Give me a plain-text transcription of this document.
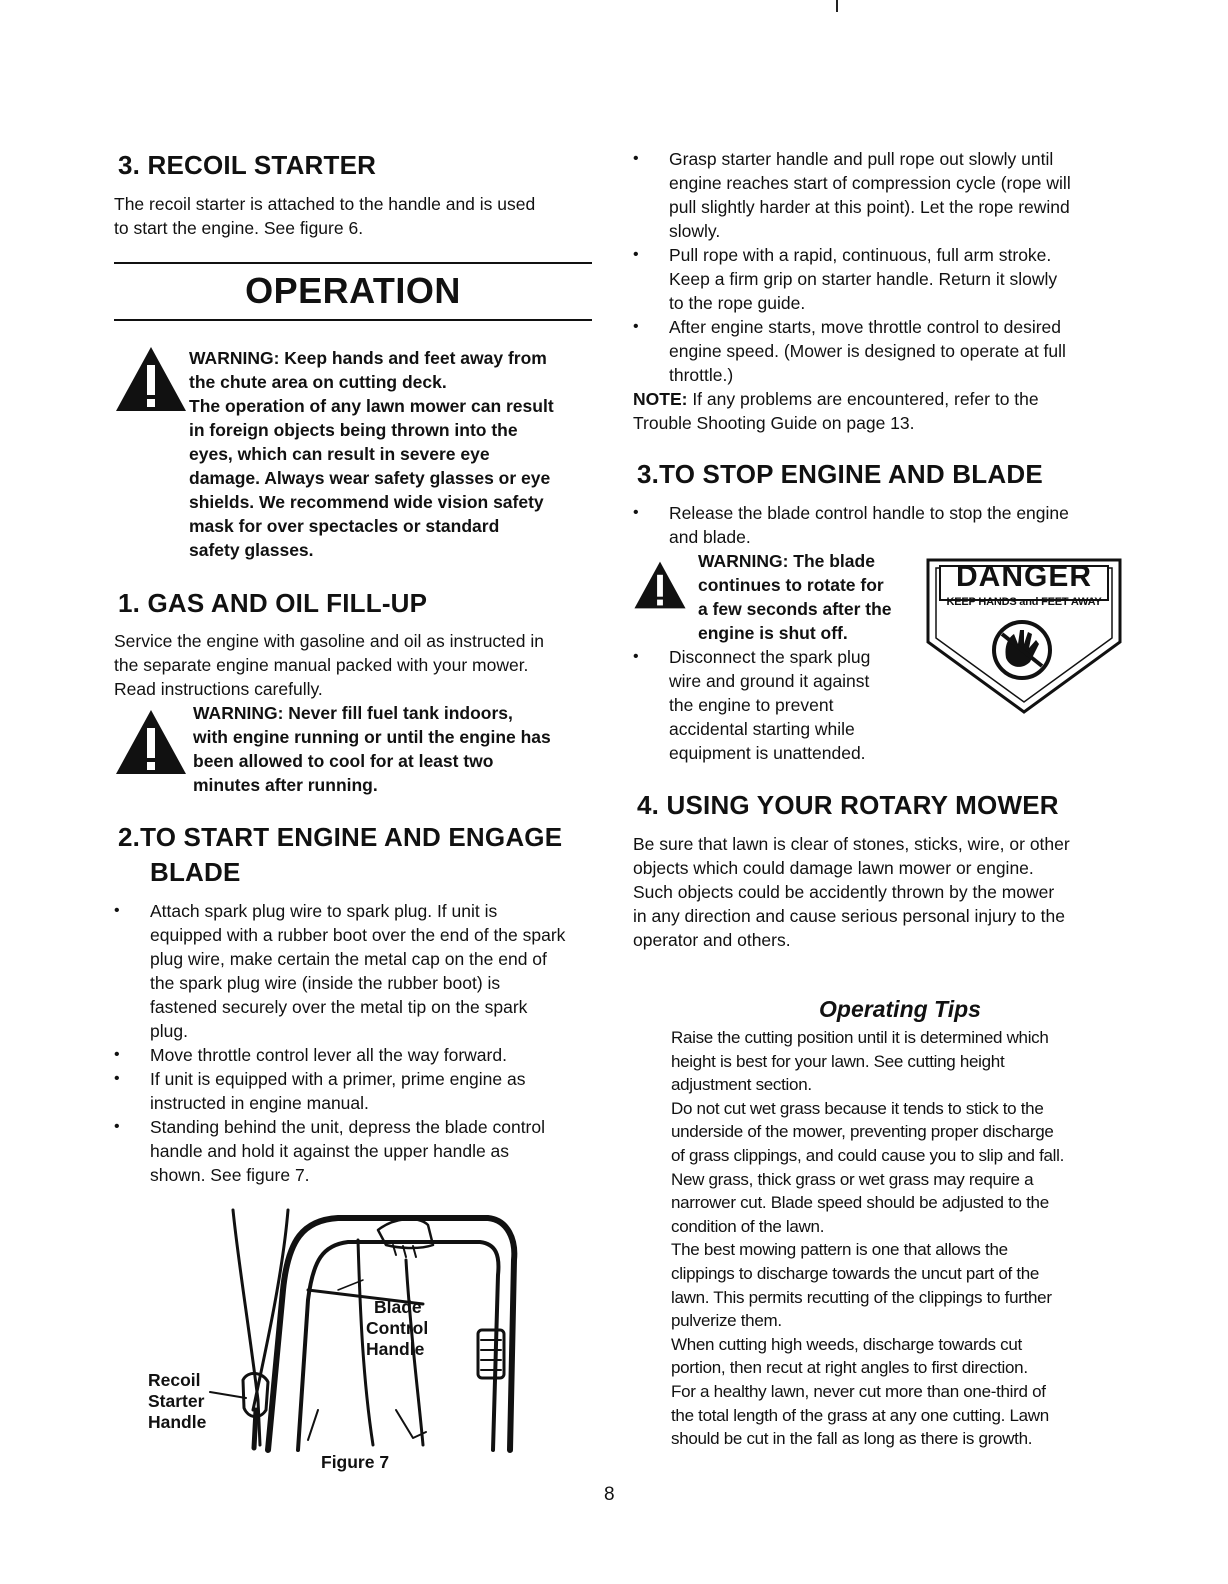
3. RECOIL STARTER

The recoil starter is attached to the handle and is used

to start the engine. See figure 6.

OPERATION

WARNING: Keep hands and feet away from

the chute area on cutting deck.

The operation of any lawn mower can result

in foreign objects being thrown into the

eyes, which can result in severe eye

damage. Always wear safety glasses or eye

shields. We recommend wide vision safety

mask for over spectacles or standard

safety glasses.

1. GAS AND OIL FILL-UP

Service the engine with gasoline and oil as instructed in

the separate engine manual packed with your mower.

Read instructions carefully.

WARNING: Never fill fuel tank indoors,

with engine running or until the engine has

been allowed to cool for at least two

minutes after running.

2.TO START ENGINE AND ENGAGE
BLADE
•	Attach spark plug wire to spark plug. If unit is

equipped with a rubber boot over the end of the spark

plug wire, make certain the metal cap on the end of

the spark plug wire (inside the rubber boot) is

fastened securely over the metal tip on the spark

plug.

•	Move throttle control lever all the way forward.

•	If unit is equipped with a primer, prime engine as

instructed in engine manual.

•	Standing behind the unit, depress the blade control

handle and hold it against the upper handle as

shown. See figure 7.

Blade
Control
Handle
Recoil
Starter
Handle
Figure 7
•	Grasp starter handle and pull rope out slowly until

engine reaches start of compression cycle (rope will

pull slightly harder at this point). Let the rope rewind

slowly.

•	Pull rope with a rapid, continuous, full arm stroke.

Keep a firm grip on starter handle. Return it slowly

to the rope guide.

•	After engine starts, move throttle control to desired

engine speed. (Mower is designed to operate at full

throttle.)

NOTE: If any problems are encountered, refer to the

Trouble Shooting Guide on page 13.

3.TO STOP ENGINE AND BLADE
•	Release the blade control handle to stop the engine

and blade.

WARNING: The blade

continues to rotate for

a few seconds after the

engine is shut off.

•	Disconnect the spark plug

wire and ground it against

the engine to prevent

accidental starting while

equipment is unattended.

DANGER
KEEP HANDS and FEET AWAY
4. USING YOUR ROTARY MOWER

Be sure that lawn is clear of stones, sticks, wire, or other

objects which could damage lawn mower or engine.

Such objects could be accidently thrown by the mower

in any direction and cause serious personal injury to the

operator and others.

Operating Tips

Raise the cutting position until it is determined which

height is best for your lawn. See cutting height

adjustment section.

Do not cut wet grass because it tends to stick to the

underside of the mower, preventing proper discharge

of grass clippings, and could cause you to slip and fall.

New grass, thick grass or wet grass may require a

narrower cut. Blade speed should be adjusted to the

condition of the lawn.

The best mowing pattern is one that allows the

clippings to discharge towards the uncut part of the

lawn. This permits recutting of the clippings to further

pulverize them.

When cutting high weeds, discharge towards cut

portion, then recut at right angles to first direction.

For a healthy lawn, never cut more than one-third of

the total length of the grass at any one cutting. Lawn

should be cut in the fall as long as there is growth.

8
